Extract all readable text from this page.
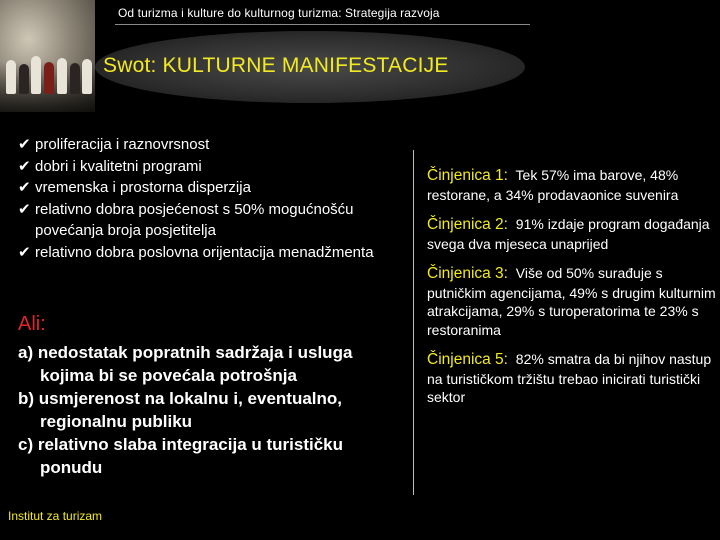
Od turizma i kulture do kulturnog turizma: Strategija razvoja
Swot: KULTURNE MANIFESTACIJE
✔ proliferacija i raznovrsnost
✔ dobri i kvalitetni programi
✔ vremenska i prostorna disperzija
✔ relativno dobra posjećenost s 50% mogućnošću povećanja broja posjetitelja
✔ relativno dobra poslovna orijentacija menadžmenta
Ali:
a) nedostatak popratnih sadržaja i usluga kojima bi se povećala potrošnja
b) usmjerenost na lokalnu i, eventualno, regionalnu publiku
c) relativno slaba integracija u turističku ponudu
Institut za turizam
Činjenica 1: Tek 57% ima barove, 48% restorane, a 34% prodavaonice suvenira
Činjenica 2: 91% izdaje program događanja svega dva mjeseca unaprijed
Činjenica 3: Više od 50% surađuje s putničkim agencijama, 49% s drugim kulturnim atrakcijama, 29% s turoperatorima te 23% s restoranima
Činjenica 5: 82% smatra da bi njihov nastup na turističkom tržištu trebao inicirati turistički sektor
